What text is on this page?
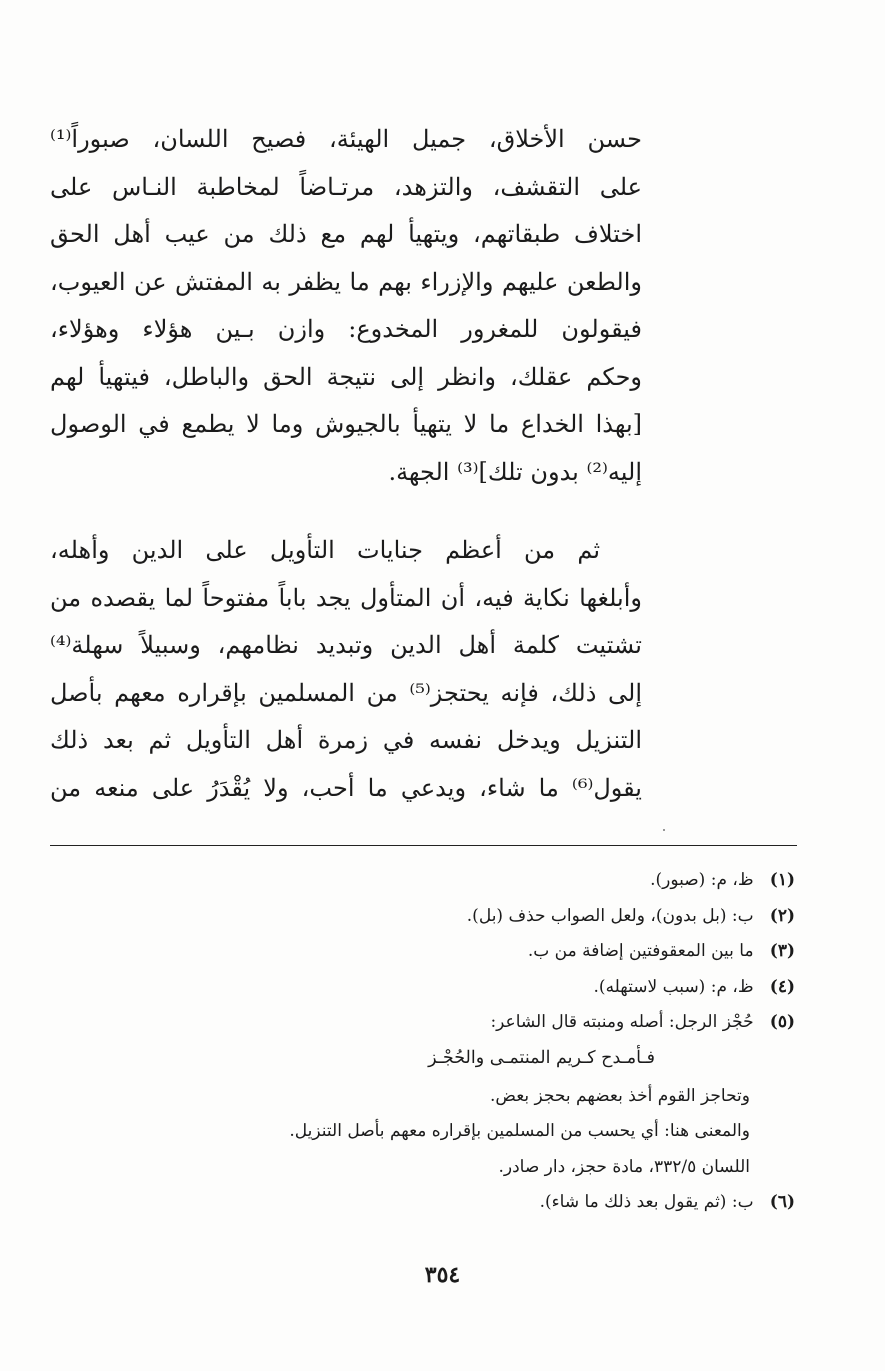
حسن الأخلاق، جميل الهيئة، فصيح اللسان، صبوراً⁽¹⁾
على التقشف، والتزهد، مرتـاضاً لمخاطبة النـاس على
اختلاف طبقاتهم، ويتهيأ لهم مع ذلك من عيب أهل الحق
والطعن عليهم والإزراء بهم ما يظفر به المفتش عن العيوب،
فيقولون للمغرور المخدوع: وازن بـين هؤلاء وهؤلاء،
وحكم عقلك، وانظر إلى نتيجة الحق والباطل، فيتهيأ لهم
[بهذا الخداع ما لا يتهيأ بالجيوش وما لا يطمع في الوصول
إليه⁽²⁾ بدون تلك]⁽³⁾ الجهة.
ثم من أعظم جنايات التأويل على الدين وأهله،
وأبلغها نكاية فيه، أن المتأول يجد باباً مفتوحاً لما يقصده من
تشتيت كلمة أهل الدين وتبديد نظامهم، وسبيلاً سهلة⁽⁴⁾
إلى ذلك، فإنه يحتجز⁽⁵⁾ من المسلمين بإقراره معهم بأصل
التنزيل ويدخل نفسه في زمرة أهل التأويل ثم بعد ذلك
يقول⁽⁶⁾ ما شاء، ويدعي ما أحب، ولا يُقْدَرُ على منعه من
(١) ظ، م: (صبور).
(٢) ب: (بل بدون)، ولعل الصواب حذف (بل).
(٣) ما بين المعقوفتين إضافة من ب.
(٤) ظ، م: (سبب لاستهله).
(٥) حُجْز الرجل: أصله ومنبته قال الشاعر:
فـأمـدح كـريم المنتمـى والحُجْـز
وتحاجز القوم أخذ بعضهم بحجز بعض.
والمعنى هنا: أي يحسب من المسلمين بإقراره معهم بأصل التنزيل.
اللسان ٣٣٢/٥، مادة حجز، دار صادر.
(٦) ب: (ثم يقول بعد ذلك ما شاء).
٣٥٤
